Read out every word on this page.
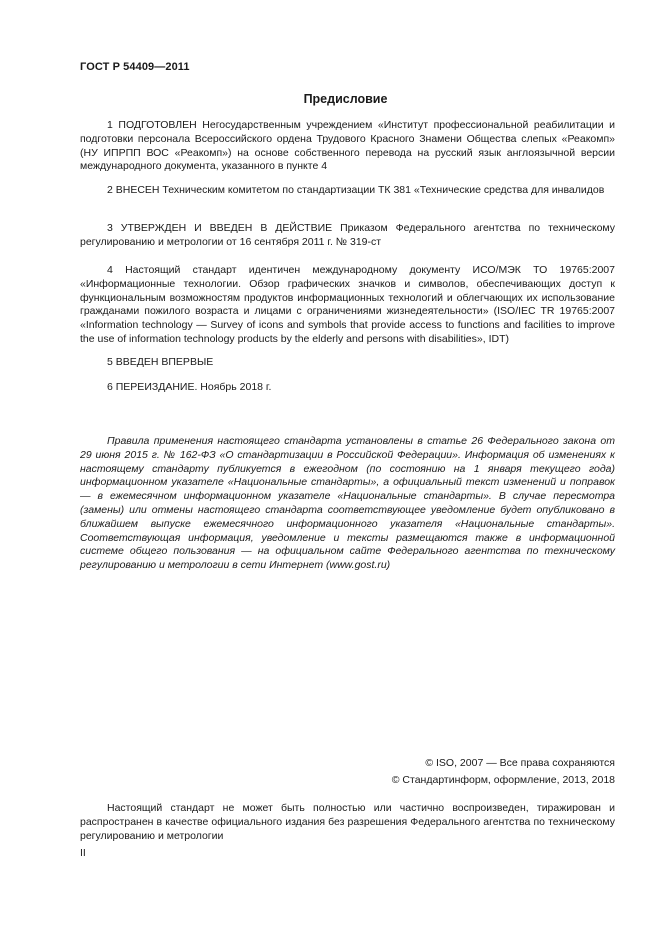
ГОСТ Р 54409—2011
Предисловие

1 ПОДГОТОВЛЕН Негосударственным учреждением «Институт профессиональной реабилитации и подготовки персонала Всероссийского ордена Трудового Красного Знамени Общества слепых «Реакомп» (НУ ИПРПП ВОС «Реакомп») на основе собственного перевода на русский язык англоязычной версии международного документа, указанного в пункте 4

2 ВНЕСЕН Техническим комитетом по стандартизации ТК 381 «Технические средства для инвалидов

3 УТВЕРЖДЕН И ВВЕДЕН В ДЕЙСТВИЕ Приказом Федерального агентства по техническому регулированию и метрологии от 16 сентября 2011 г. № 319-ст

4 Настоящий стандарт идентичен международному документу ИСО/МЭК ТО 19765:2007 «Информационные технологии. Обзор графических значков и символов, обеспечивающих доступ к функциональным возможностям продуктов информационных технологий и облегчающих их использование гражданами пожилого возраста и лицами с ограничениями жизнедеятельности» (ISO/IEC TR 19765:2007 «Information technology — Survey of icons and symbols that provide access to functions and facilities to improve the use of information technology products by the elderly and persons with disabilities», IDT)

5 ВВЕДЕН ВПЕРВЫЕ

6 ПЕРЕИЗДАНИЕ. Ноябрь 2018 г.

Правила применения настоящего стандарта установлены в статье 26 Федерального закона от 29 июня 2015 г. № 162-ФЗ «О стандартизации в Российской Федерации». Информация об изменениях к настоящему стандарту публикуется в ежегодном (по состоянию на 1 января текущего года) информационном указателе «Национальные стандарты», а официальный текст изменений и поправок — в ежемесячном информационном указателе «Национальные стандарты». В случае пересмотра (замены) или отмены настоящего стандарта соответствующее уведомление будет опубликовано в ближайшем выпуске ежемесячного информационного указателя «Национальные стандарты». Соответствующая информация, уведомление и тексты размещаются также в информационной системе общего пользования — на официальном сайте Федерального агентства по техническому регулированию и метрологии в сети Интернет (www.gost.ru)

© ISO, 2007 — Все права сохраняются
© Стандартинформ, оформление, 2013, 2018

Настоящий стандарт не может быть полностью или частично воспроизведен, тиражирован и распространен в качестве официального издания без разрешения Федерального агентства по техническому регулированию и метрологии

II
